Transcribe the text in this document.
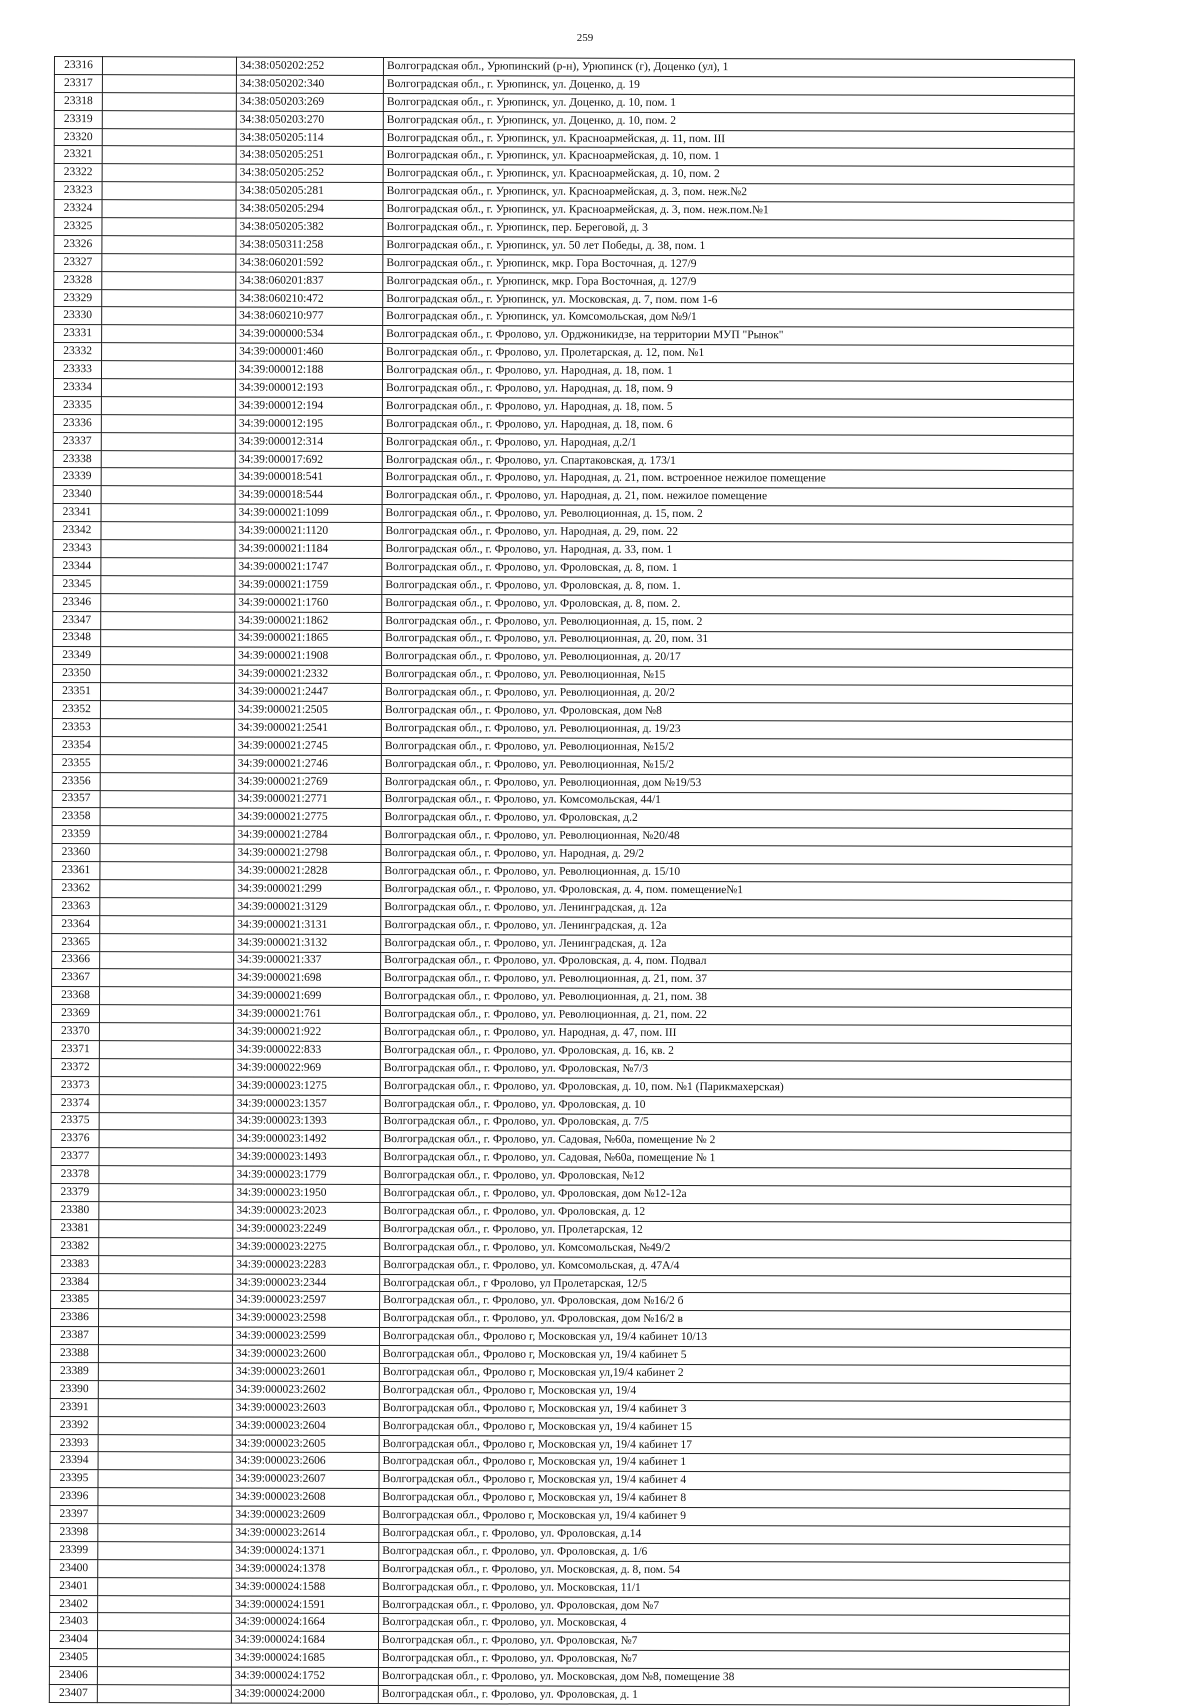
259
23316		34:38:050202:252	Волгоградская обл., Урюпинский (р-н), Урюпинск (г), Доценко (ул), 1
23317		34:38:050202:340	Волгоградская обл., г. Урюпинск, ул. Доценко, д. 19
23318		34:38:050203:269	Волгоградская обл., г. Урюпинск, ул. Доценко, д. 10, пом. 1
23319		34:38:050203:270	Волгоградская обл., г. Урюпинск, ул. Доценко, д. 10, пом. 2
23320		34:38:050205:114	Волгоградская обл., г. Урюпинск, ул. Красноармейская, д. 11, пом. III
23321		34:38:050205:251	Волгоградская обл., г. Урюпинск, ул. Красноармейская, д. 10, пом. 1
23322		34:38:050205:252	Волгоградская обл., г. Урюпинск, ул. Красноармейская, д. 10, пом. 2
23323		34:38:050205:281	Волгоградская обл., г. Урюпинск, ул. Красноармейская, д. 3, пом. неж.№2
23324		34:38:050205:294	Волгоградская обл., г. Урюпинск, ул. Красноармейская, д. 3, пом. неж.пом.№1
23325		34:38:050205:382	Волгоградская обл., г. Урюпинск, пер. Береговой, д. 3
23326		34:38:050311:258	Волгоградская обл., г. Урюпинск, ул. 50 лет Победы, д. 38, пом. 1
23327		34:38:060201:592	Волгоградская обл., г. Урюпинск, мкр. Гора Восточная, д. 127/9
23328		34:38:060201:837	Волгоградская обл., г. Урюпинск, мкр. Гора Восточная, д. 127/9
23329		34:38:060210:472	Волгоградская обл., г. Урюпинск, ул. Московская, д. 7, пом. пом 1-6
23330		34:38:060210:977	Волгоградская обл., г. Урюпинск, ул. Комсомольская, дом №9/1
23331		34:39:000000:534	Волгоградская обл., г. Фролово, ул. Орджоникидзе, на территории МУП "Рынок"
23332		34:39:000001:460	Волгоградская обл., г. Фролово, ул. Пролетарская, д. 12, пом. №1
23333		34:39:000012:188	Волгоградская обл., г. Фролово, ул. Народная, д. 18, пом. 1
23334		34:39:000012:193	Волгоградская обл., г. Фролово, ул. Народная, д. 18, пом. 9
23335		34:39:000012:194	Волгоградская обл., г. Фролово, ул. Народная, д. 18, пом. 5
23336		34:39:000012:195	Волгоградская обл., г. Фролово, ул. Народная, д. 18, пом. 6
23337		34:39:000012:314	Волгоградская обл., г. Фролово, ул. Народная, д.2/1
23338		34:39:000017:692	Волгоградская обл., г. Фролово, ул. Спартаковская, д. 173/1
23339		34:39:000018:541	Волгоградская обл., г. Фролово, ул. Народная, д. 21, пом. встроенное нежилое помещение
23340		34:39:000018:544	Волгоградская обл., г. Фролово, ул. Народная, д. 21, пом. нежилое помещение
23341		34:39:000021:1099	Волгоградская обл., г. Фролово, ул. Революционная, д. 15, пом. 2
23342		34:39:000021:1120	Волгоградская обл., г. Фролово, ул. Народная, д. 29, пом. 22
23343		34:39:000021:1184	Волгоградская обл., г. Фролово, ул. Народная, д. 33, пом. 1
23344		34:39:000021:1747	Волгоградская обл., г. Фролово, ул. Фроловская, д. 8, пом. 1
23345		34:39:000021:1759	Волгоградская обл., г. Фролово, ул. Фроловская, д. 8, пом. 1.
23346		34:39:000021:1760	Волгоградская обл., г. Фролово, ул. Фроловская, д. 8, пом. 2.
23347		34:39:000021:1862	Волгоградская обл., г. Фролово, ул. Революционная, д. 15, пом. 2
23348		34:39:000021:1865	Волгоградская обл., г. Фролово, ул. Революционная, д. 20, пом. 31
23349		34:39:000021:1908	Волгоградская обл., г. Фролово, ул. Революционная, д. 20/17
23350		34:39:000021:2332	Волгоградская обл., г. Фролово, ул. Революционная, №15
23351		34:39:000021:2447	Волгоградская обл., г. Фролово, ул. Революционная, д. 20/2
23352		34:39:000021:2505	Волгоградская обл., г. Фролово, ул. Фроловская, дом №8
23353		34:39:000021:2541	Волгоградская обл., г. Фролово, ул. Революционная, д. 19/23
23354		34:39:000021:2745	Волгоградская обл., г. Фролово, ул. Революционная, №15/2
23355		34:39:000021:2746	Волгоградская обл., г. Фролово, ул. Революционная, №15/2
23356		34:39:000021:2769	Волгоградская обл., г. Фролово, ул. Революционная, дом №19/53
23357		34:39:000021:2771	Волгоградская обл., г. Фролово, ул. Комсомольская, 44/1
23358		34:39:000021:2775	Волгоградская обл., г. Фролово, ул. Фроловская, д.2
23359		34:39:000021:2784	Волгоградская обл., г. Фролово, ул. Революционная, №20/48
23360		34:39:000021:2798	Волгоградская обл., г. Фролово, ул. Народная, д. 29/2
23361		34:39:000021:2828	Волгоградская обл., г. Фролово, ул. Революционная, д. 15/10
23362		34:39:000021:299	Волгоградская обл., г. Фролово, ул. Фроловская, д. 4, пом. помещение№1
23363		34:39:000021:3129	Волгоградская обл., г. Фролово, ул. Ленинградская, д. 12а
23364		34:39:000021:3131	Волгоградская обл., г. Фролово, ул. Ленинградская, д. 12а
23365		34:39:000021:3132	Волгоградская обл., г. Фролово, ул. Ленинградская, д. 12а
23366		34:39:000021:337	Волгоградская обл., г. Фролово, ул. Фроловская, д. 4, пом. Подвал
23367		34:39:000021:698	Волгоградская обл., г. Фролово, ул. Революционная, д. 21, пом. 37
23368		34:39:000021:699	Волгоградская обл., г. Фролово, ул. Революционная, д. 21, пом. 38
23369		34:39:000021:761	Волгоградская обл., г. Фролово, ул. Революционная, д. 21, пом. 22
23370		34:39:000021:922	Волгоградская обл., г. Фролово, ул. Народная, д. 47, пом. III
23371		34:39:000022:833	Волгоградская обл., г. Фролово, ул. Фроловская, д. 16, кв. 2
23372		34:39:000022:969	Волгоградская обл., г. Фролово, ул. Фроловская, №7/3
23373		34:39:000023:1275	Волгоградская обл., г. Фролово, ул. Фроловская, д. 10, пом. №1 (Парикмахерская)
23374		34:39:000023:1357	Волгоградская обл., г. Фролово, ул. Фроловская, д. 10
23375		34:39:000023:1393	Волгоградская обл., г. Фролово, ул. Фроловская, д. 7/5
23376		34:39:000023:1492	Волгоградская обл., г. Фролово, ул. Садовая, №60а, помещение № 2
23377		34:39:000023:1493	Волгоградская обл., г. Фролово, ул. Садовая, №60а, помещение № 1
23378		34:39:000023:1779	Волгоградская обл., г. Фролово, ул. Фроловская, №12
23379		34:39:000023:1950	Волгоградская обл., г. Фролово, ул. Фроловская, дом №12-12а
23380		34:39:000023:2023	Волгоградская обл., г. Фролово, ул. Фроловская, д. 12
23381		34:39:000023:2249	Волгоградская обл., г. Фролово, ул. Пролетарская, 12
23382		34:39:000023:2275	Волгоградская обл., г. Фролово, ул. Комсомольская, №49/2
23383		34:39:000023:2283	Волгоградская обл., г. Фролово, ул. Комсомольская, д. 47А/4
23384		34:39:000023:2344	Волгоградская обл., г Фролово, ул Пролетарская, 12/5
23385		34:39:000023:2597	Волгоградская обл., г. Фролово, ул. Фроловская, дом №16/2 б
23386		34:39:000023:2598	Волгоградская обл., г. Фролово, ул. Фроловская, дом №16/2 в
23387		34:39:000023:2599	Волгоградская обл., Фролово г, Московская ул, 19/4 кабинет 10/13
23388		34:39:000023:2600	Волгоградская обл., Фролово г, Московская ул, 19/4 кабинет 5
23389		34:39:000023:2601	Волгоградская обл., Фролово г, Московская ул,19/4 кабинет 2
23390		34:39:000023:2602	Волгоградская обл., Фролово г, Московская ул, 19/4
23391		34:39:000023:2603	Волгоградская обл., Фролово г, Московская ул, 19/4 кабинет 3
23392		34:39:000023:2604	Волгоградская обл., Фролово г, Московская ул, 19/4 кабинет 15
23393		34:39:000023:2605	Волгоградская обл., Фролово г, Московская ул, 19/4 кабинет 17
23394		34:39:000023:2606	Волгоградская обл., Фролово г, Московская ул, 19/4 кабинет 1
23395		34:39:000023:2607	Волгоградская обл., Фролово г, Московская ул, 19/4 кабинет 4
23396		34:39:000023:2608	Волгоградская обл., Фролово г, Московская ул, 19/4 кабинет 8
23397		34:39:000023:2609	Волгоградская обл., Фролово г, Московская ул, 19/4 кабинет 9
23398		34:39:000023:2614	Волгоградская обл., г. Фролово, ул. Фроловская, д.14
23399		34:39:000024:1371	Волгоградская обл., г. Фролово, ул. Фроловская, д. 1/6
23400		34:39:000024:1378	Волгоградская обл., г. Фролово, ул. Московская, д. 8, пом. 54
23401		34:39:000024:1588	Волгоградская обл., г. Фролово, ул. Московская, 11/1
23402		34:39:000024:1591	Волгоградская обл., г. Фролово, ул. Фроловская, дом №7
23403		34:39:000024:1664	Волгоградская обл., г. Фролово, ул. Московская, 4
23404		34:39:000024:1684	Волгоградская обл., г. Фролово, ул. Фроловская, №7
23405		34:39:000024:1685	Волгоградская обл., г. Фролово, ул. Фроловская, №7
23406		34:39:000024:1752	Волгоградская обл., г. Фролово, ул. Московская, дом №8, помещение 38
23407		34:39:000024:2000	Волгоградская обл., г. Фролово, ул. Фроловская, д. 1
